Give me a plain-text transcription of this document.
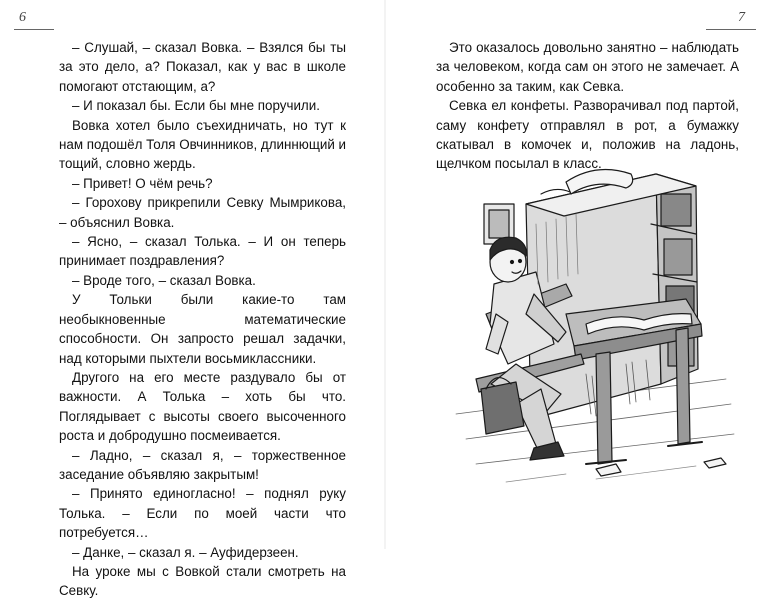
6

– Слушай, – сказал Вовка. – Взялся бы ты за это дело, а? Показал, как у вас в школе помогают отстающим, а?

– И показал бы. Если бы мне поручили.

Вовка хотел было съехидничать, но тут к нам подошёл Толя Овчинников, длиннющий и тощий, словно жердь.

– Привет! О чём речь?

– Горохову прикрепили Севку Мымрикова, – объяснил Вовка.

– Ясно, – сказал Толька. – И он теперь принимает поздравления?

– Вроде того, – сказал Вовка.

У Тольки были какие-то там необыкновенные математические способности. Он запросто решал задачки, над которыми пыхтели восьмиклассники.

Другого на его месте раздувало бы от важности. А Толька – хоть бы что. Поглядывает с высоты своего высоченного роста и добродушно посмеивается.

– Ладно, – сказал я, – торжественное заседание объявляю закрытым!

– Принято единогласно! – поднял руку Толька. – Если по моей части что потребуется…

– Данке, – сказал я. – Ауфидерзеен.

На уроке мы с Вовкой стали смотреть на Севку.

7

Это оказалось довольно занятно – наблюдать за человеком, когда сам он этого не замечает. А особенно за таким, как Севка.

Севка ел конфеты. Разворачивал под партой, саму конфету отправлял в рот, а бумажку скатывал в комочек и, положив на ладонь, щелчком посылал в класс.
